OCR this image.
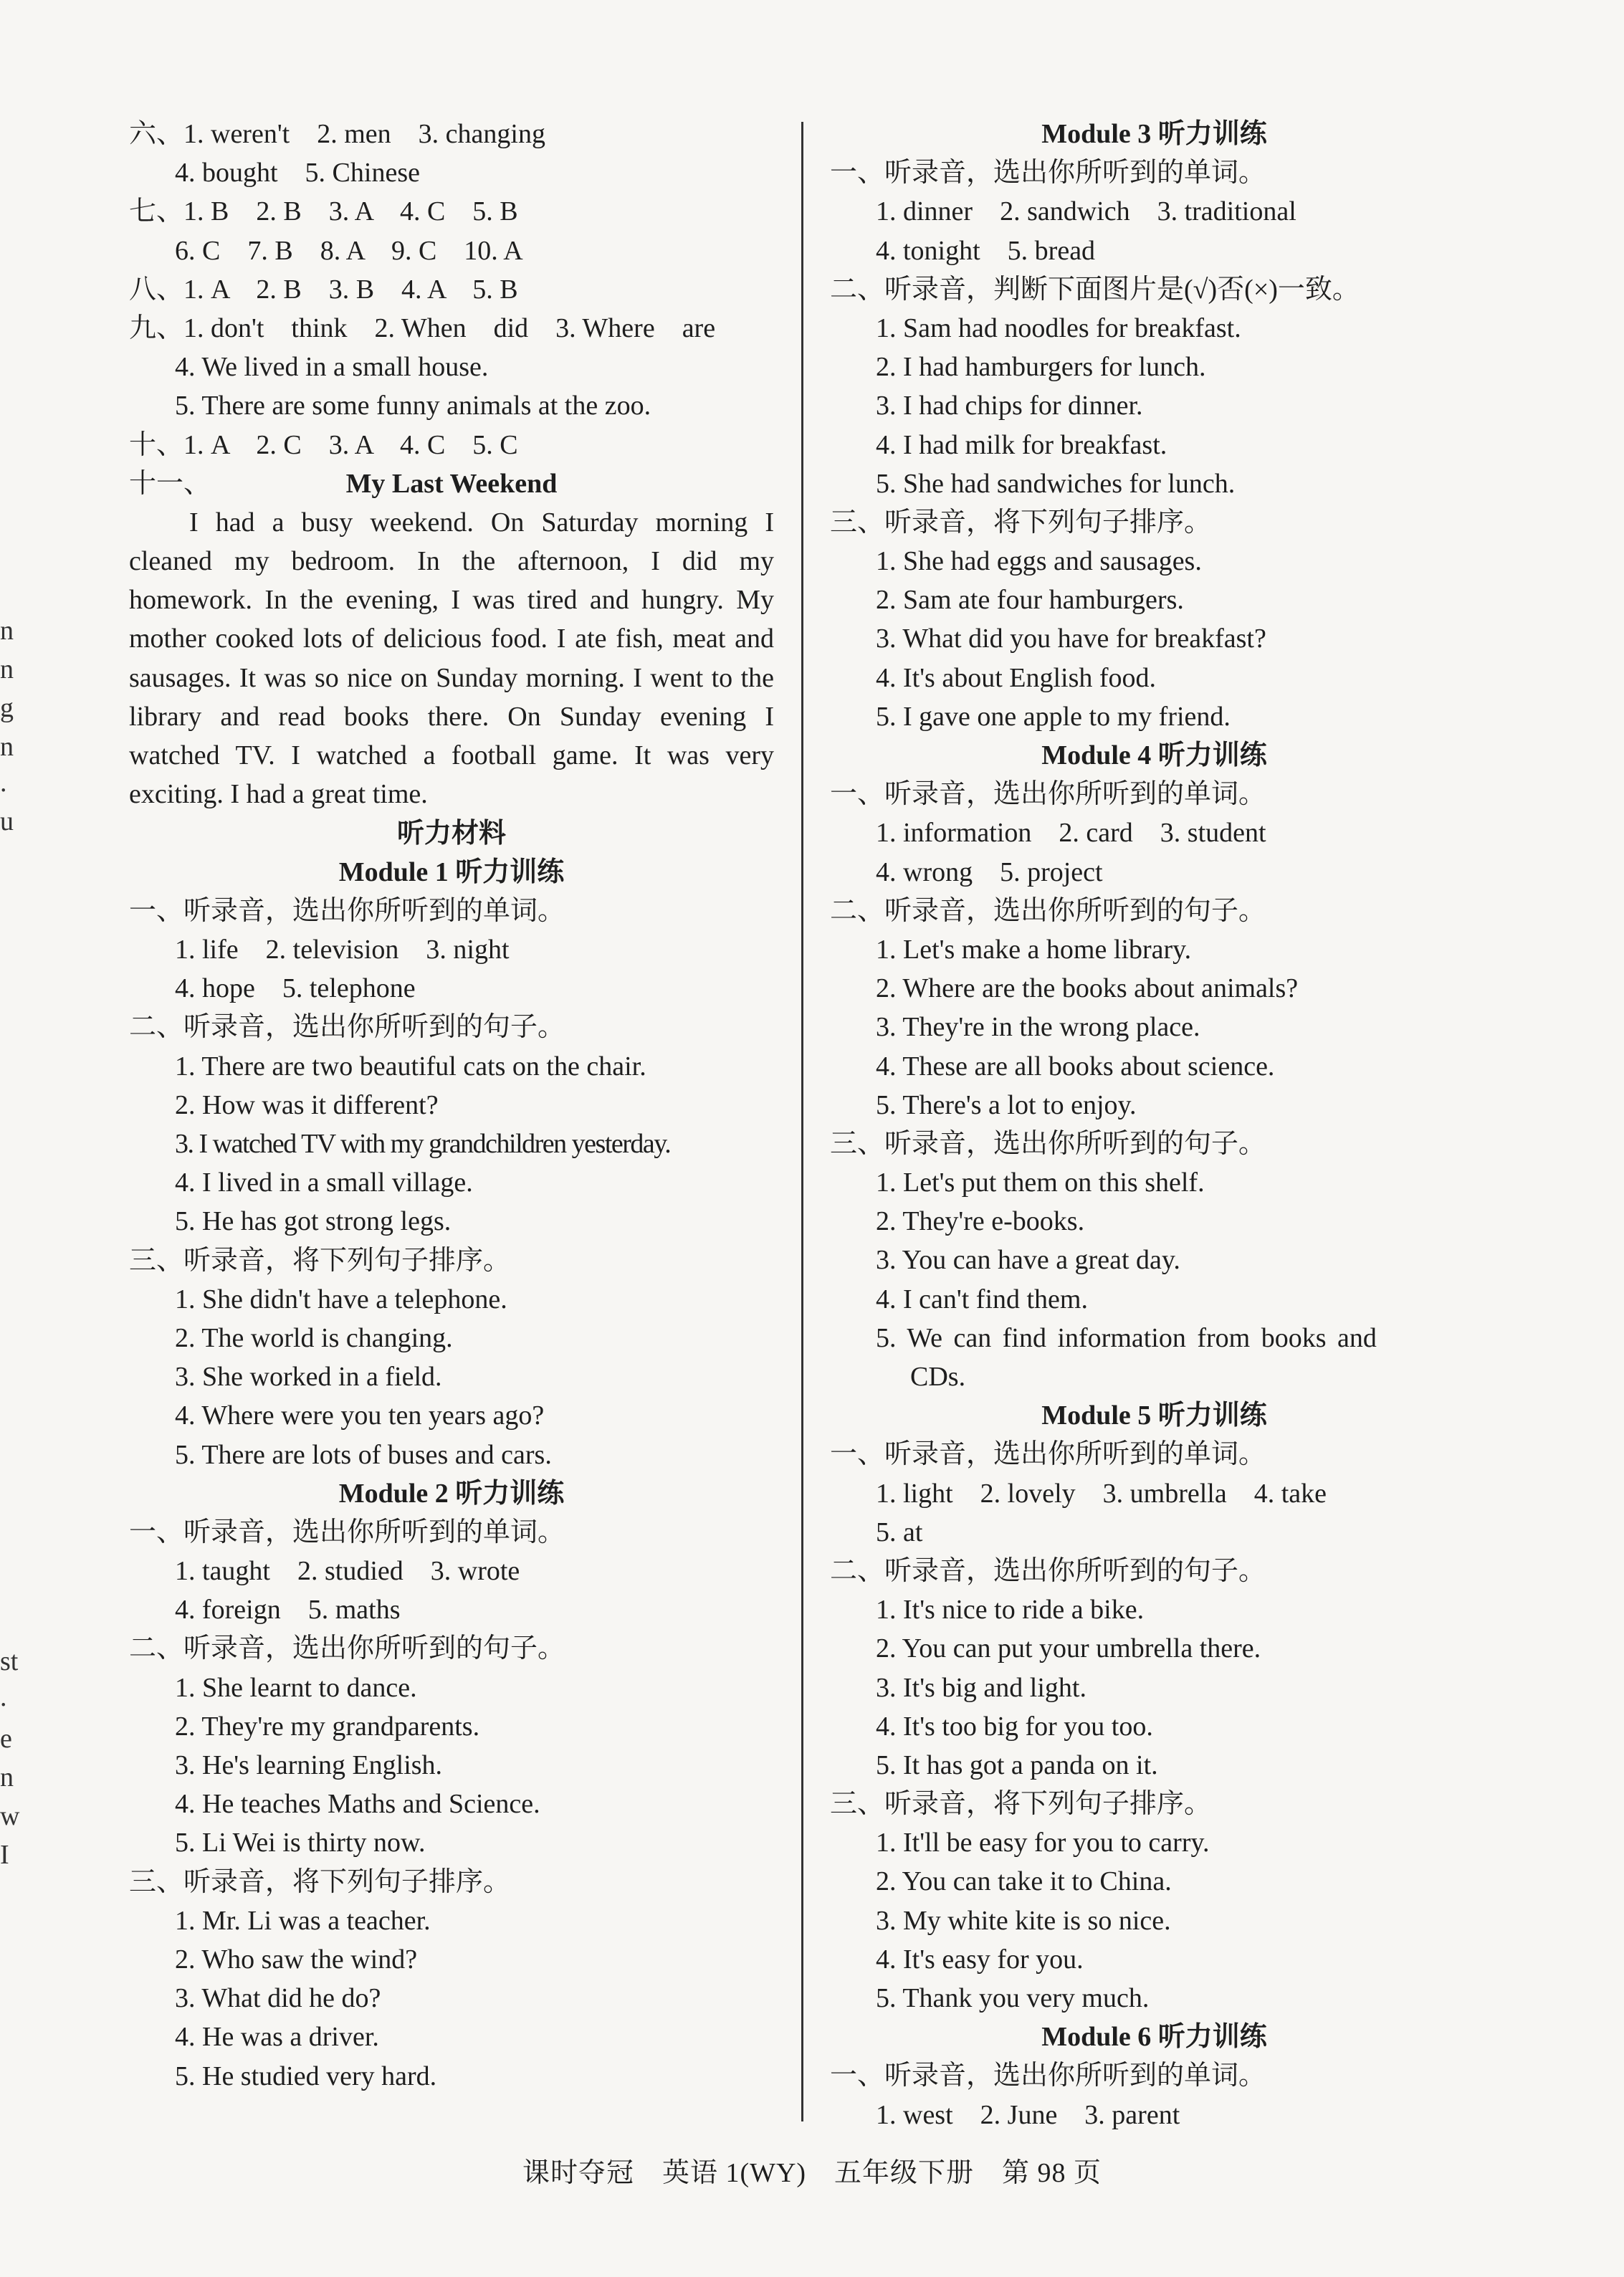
n
n
g
n
.
u
st
.
e
n
w
I
六、1. weren't　2. men　3. changing
4. bought　5. Chinese
七、1. B　2. B　3. A　4. C　5. B
6. C　7. B　8. A　9. C　10. A
八、1. A　2. B　3. B　4. A　5. B
九、1. don't　think　2. When　did　3. Where　are
4. We lived in a small house.
5. There are some funny animals at the zoo.
十、1. A　2. C　3. A　4. C　5. C
十一、	My Last Weekend

I had a busy weekend. On Saturday morning I cleaned my bedroom. In the afternoon, I did my homework. In the evening, I was tired and hungry. My mother cooked lots of delicious food. I ate fish, meat and sausages. It was so nice on Sunday morning. I went to the library and read books there. On Sunday evening I watched TV. I watched a football game. It was very exciting. I had a great time.

听力材料
Module 1 听力训练
一、听录音，选出你所听到的单词。
1. life　2. television　3. night
4. hope　5. telephone
二、听录音，选出你所听到的句子。
1. There are two beautiful cats on the chair.
2. How was it different?
3. I watched TV with my grandchildren yesterday.
4. I lived in a small village.
5. He has got strong legs.
三、听录音，将下列句子排序。
1. She didn't have a telephone.
2. The world is changing.
3. She worked in a field.
4. Where were you ten years ago?
5. There are lots of buses and cars.
Module 2 听力训练
一、听录音，选出你所听到的单词。
1. taught　2. studied　3. wrote
4. foreign　5. maths
二、听录音，选出你所听到的句子。
1. She learnt to dance.
2. They're my grandparents.
3. He's learning English.
4. He teaches Maths and Science.
5. Li Wei is thirty now.
三、听录音，将下列句子排序。
1. Mr. Li was a teacher.
2. Who saw the wind?
3. What did he do?
4. He was a driver.
5. He studied very hard.
Module 3 听力训练
一、听录音，选出你所听到的单词。
1. dinner　2. sandwich　3. traditional
4. tonight　5. bread
二、听录音，判断下面图片是(√)否(×)一致。
1. Sam had noodles for breakfast.
2. I had hamburgers for lunch.
3. I had chips for dinner.
4. I had milk for breakfast.
5. She had sandwiches for lunch.
三、听录音，将下列句子排序。
1. She had eggs and sausages.
2. Sam ate four hamburgers.
3. What did you have for breakfast?
4. It's about English food.
5. I gave one apple to my friend.
Module 4 听力训练
一、听录音，选出你所听到的单词。
1. information　2. card　3. student
4. wrong　5. project
二、听录音，选出你所听到的句子。
1. Let's make a home library.
2. Where are the books about animals?
3. They're in the wrong place.
4. These are all books about science.
5. There's a lot to enjoy.
三、听录音，选出你所听到的句子。
1. Let's put them on this shelf.
2. They're e-books.
3. You can have a great day.
4. I can't find them.
5. We can find information from books and
CDs.
Module 5 听力训练
一、听录音，选出你所听到的单词。
1. light　2. lovely　3. umbrella　4. take
5. at
二、听录音，选出你所听到的句子。
1. It's nice to ride a bike.
2. You can put your umbrella there.
3. It's big and light.
4. It's too big for you too.
5. It has got a panda on it.
三、听录音，将下列句子排序。
1. It'll be easy for you to carry.
2. You can take it to China.
3. My white kite is so nice.
4. It's easy for you.
5. Thank you very much.
Module 6 听力训练
一、听录音，选出你所听到的单词。
1. west　2. June　3. parent
课时夺冠　英语 1(WY)　五年级下册　第 98 页
